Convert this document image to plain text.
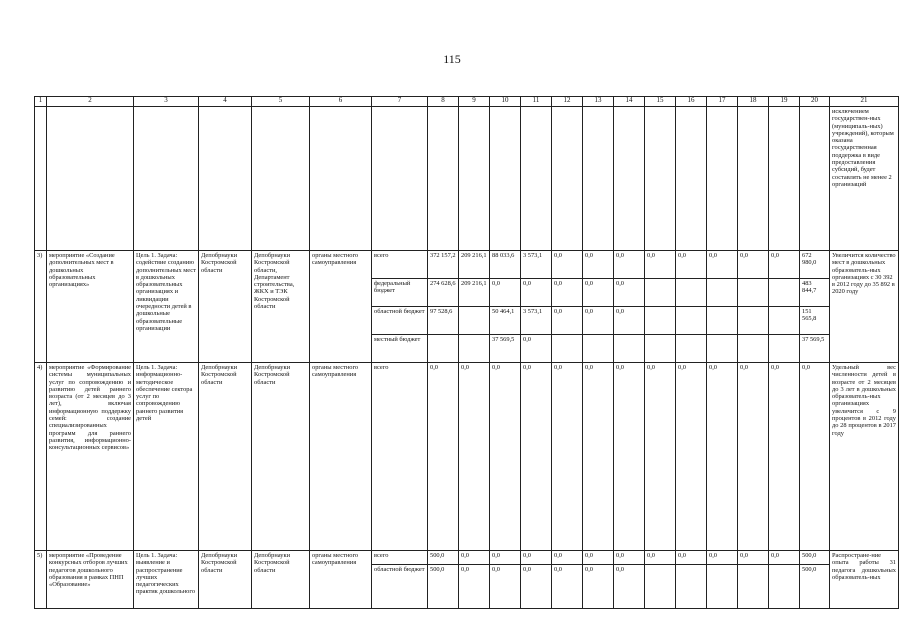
115
1	2	3	4	5	6	7	8	9	10	11	12	13	14	15	16	17	18	19	20	21
																				исключением государствен-ных (муниципаль-ных) учреждений), которым оказана государственная поддержка в виде предоставления субсидий, будет составлять не менее 2 организаций
3)	мероприятие «Создание дополнительных мест в дошкольных образовательных организациях»	Цель 1. Задача: содействие созданию дополнительных мест в дошкольных образовательных организациях и ликвидации очередности детей в дошкольные образовательные организации	Депобрнауки Костромской области	Депобрнауки Костромской области, Департамент строительства, ЖКХ и ТЭК Костромской области	органы местного самоуправления	всего	372 157,2	209 216,1	88 033,6	3 573,1	0,0	0,0	0,0	0,0	0,0	0,0	0,0	0,0	672 980,0	Увеличится количество мест в дошкольных образователь-ных организациях с 30 392 в 2012 году до 35 892 в 2020 году
						федеральный бюджет	274 628,6	209 216,1	0,0	0,0	0,0	0,0	0,0						483 844,7	
						областной бюджет	97 528,6		50 464,1	3 573,1	0,0	0,0	0,0						151 565,8	
						местный бюджет			37 569,5	0,0									37 569,5	
4)	мероприятие «Формирование системы муниципальных услуг по сопровождению и развитию детей раннего возраста (от 2 месяцев до 3 лет), включая информационную поддержку семей: создание специализированных программ для раннего развития, информационно-консультационных сервисов»	Цель 1. Задача: информационно-методическое обеспечение сектора услуг по сопровождению раннего развития детей	Депобрнауки Костромской области	Депобрнауки Костромской области	органы местного самоуправления	всего	0,0	0,0	0,0	0,0	0,0	0,0	0,0	0,0	0,0	0,0	0,0	0,0	0,0	Удельный вес численности детей в возрасте от 2 месяцев до 3 лет в дошкольных образователь-ных организациях увеличится с 9 процентов в 2012 году до 28 процентов в 2017 году
5)	мероприятие «Проведение конкурсных отборов лучших педагогов дошкольного образования в рамках ПНП «Образование»	Цель 1. Задача: выявление и распространение лучших педагогических практик дошкольного	Депобрнауки Костромской области	Депобрнауки Костромской области	органы местного самоуправления	всего	500,0	0,0	0,0	0,0	0,0	0,0	0,0	0,0	0,0	0,0	0,0	0,0	500,0	Распростране-ние опыта работы 31 педагога дошкольных образователь-ных
						областной бюджет	500,0	0,0	0,0	0,0	0,0	0,0	0,0						500,0	
